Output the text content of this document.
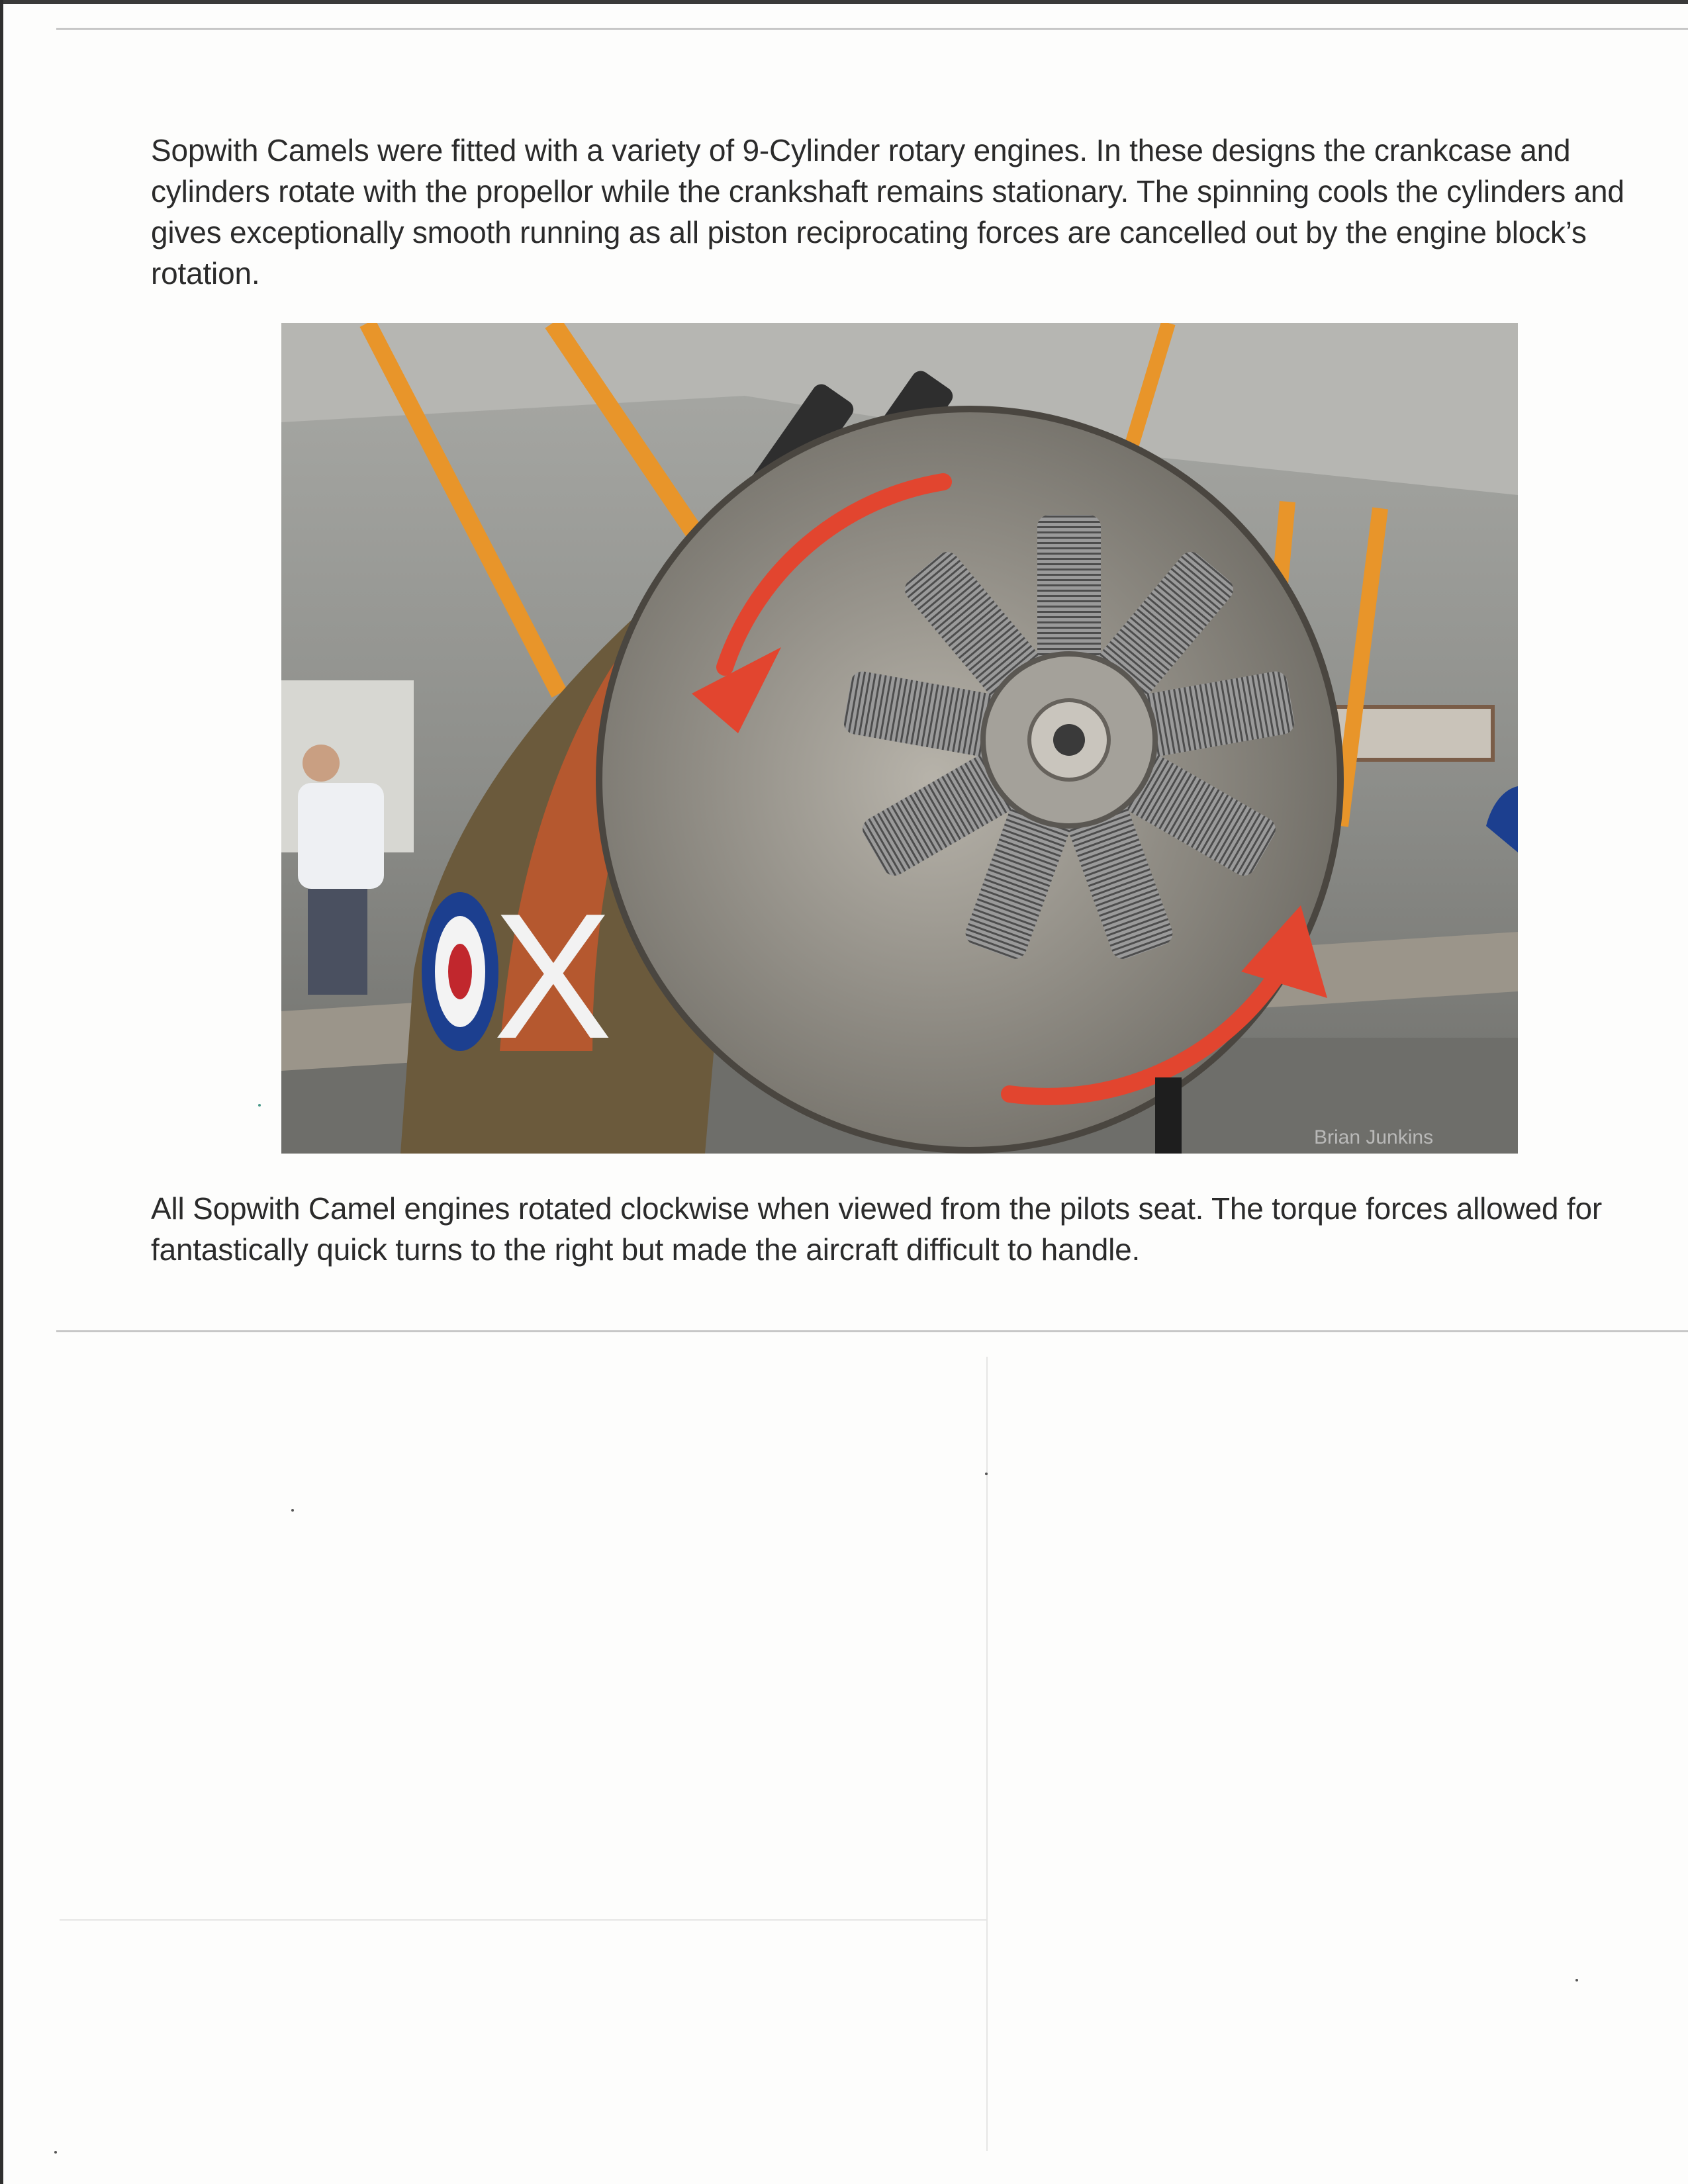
Sopwith Camels were fitted with a variety of 9-Cylinder rotary engines. In these designs the crankcase and cylinders rotate with the propellor while the crankshaft remains stationary. The spinning cools the cylinders and gives exceptionally smooth running as all piston reciprocating forces are cancelled out by the engine block’s rotation.

X
Brian Junkins

All Sopwith Camel engines rotated clockwise when viewed from the pilots seat. The torque forces allowed for fantastically quick turns to the right but made the aircraft difficult to handle.
